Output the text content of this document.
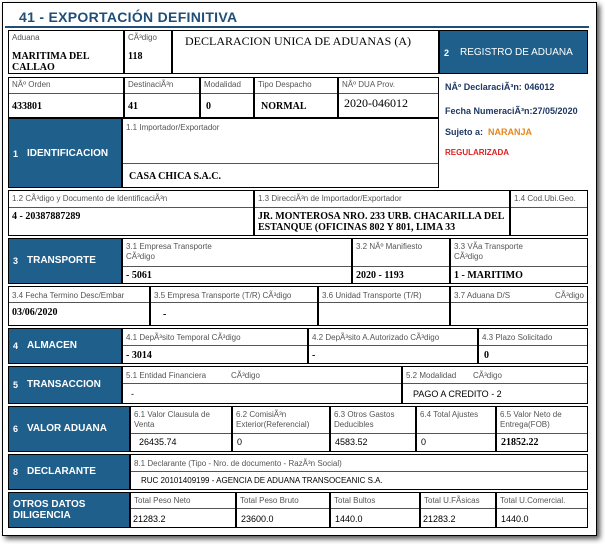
41 - EXPORTACIÓN DEFINITIVA
Aduana
MARITIMA DEL CALLAO
CÃ³digo
118
DECLARACION UNICA DE ADUANAS (A)
2 REGISTRO DE ADUANA
NÂº Orden
433801
DestinaciÃ³n
41
Modalidad
0
Tipo Despacho
NORMAL
NÂº DUA Prov.
2020-046012
NÂº DeclaraciÃ³n: 046012
Fecha NumeraciÃ³n:27/05/2020
Sujeto a: NARANJA
REGULARIZADA
1 IDENTIFICACION
1.1 Importador/Exportador
CASA CHICA S.A.C.
1.2 CÃ³digo y Documento de IdentificaciÃ³n
4 - 20387887289
1.3 DirecciÃ³n de Importador/Exportador
JR. MONTEROSA NRO. 233 URB. CHACARILLA DEL ESTANQUE (OFICINAS 802 Y 801, LIMA 33
1.4 Cod.Ubi.Geo.
3 TRANSPORTE
3.1 Empresa Transporte CÃ³digo
- 5061
3.2 NÂº Manifiesto
2020 - 1193
3.3 VÃa Transporte CÃ³digo
1 - MARITIMO
3.4 Fecha Termino Desc/Embar
03/06/2020
3.5 Empresa Transporte (T/R) CÃ³digo
-
3.6 Unidad Transporte (T/R)	3.7 Aduana D/S	CÃ³digo
4 ALMACEN
4.1 DepÃ³sito Temporal CÃ³digo
- 3014
4.2 DepÃ³sito A.Autorizado CÃ³digo
-
4.3 Plazo Solicitado
0
5 TRANSACCION
5.1 Entidad Financiera	CÃ³digo
-
5.2 Modalidad CÃ³digo
PAGO A CREDITO - 2
6 VALOR ADUANA
6.1 Valor Clausula de Venta
26435.74
6.2 ComisiÃ³n Exterior(Referencial)
0
6.3 Otros Gastos Deducibles
4583.52
6.4 Total Ajustes
0
6.5 Valor Neto de Entrega(FOB)
21852.22
8 DECLARANTE
8.1 Declarante (Tipo - Nro. de documento - RazÃ³n Social)
RUC 20101409199 - AGENCIA DE ADUANA TRANSOCEANIC S.A.
OTROS DATOS DILIGENCIA
Total Peso Neto
21283.2
Total Peso Bruto
23600.0
Total Bultos
1440.0
Total U.FÃsicas
21283.2
Total U.Comercial.
1440.0
